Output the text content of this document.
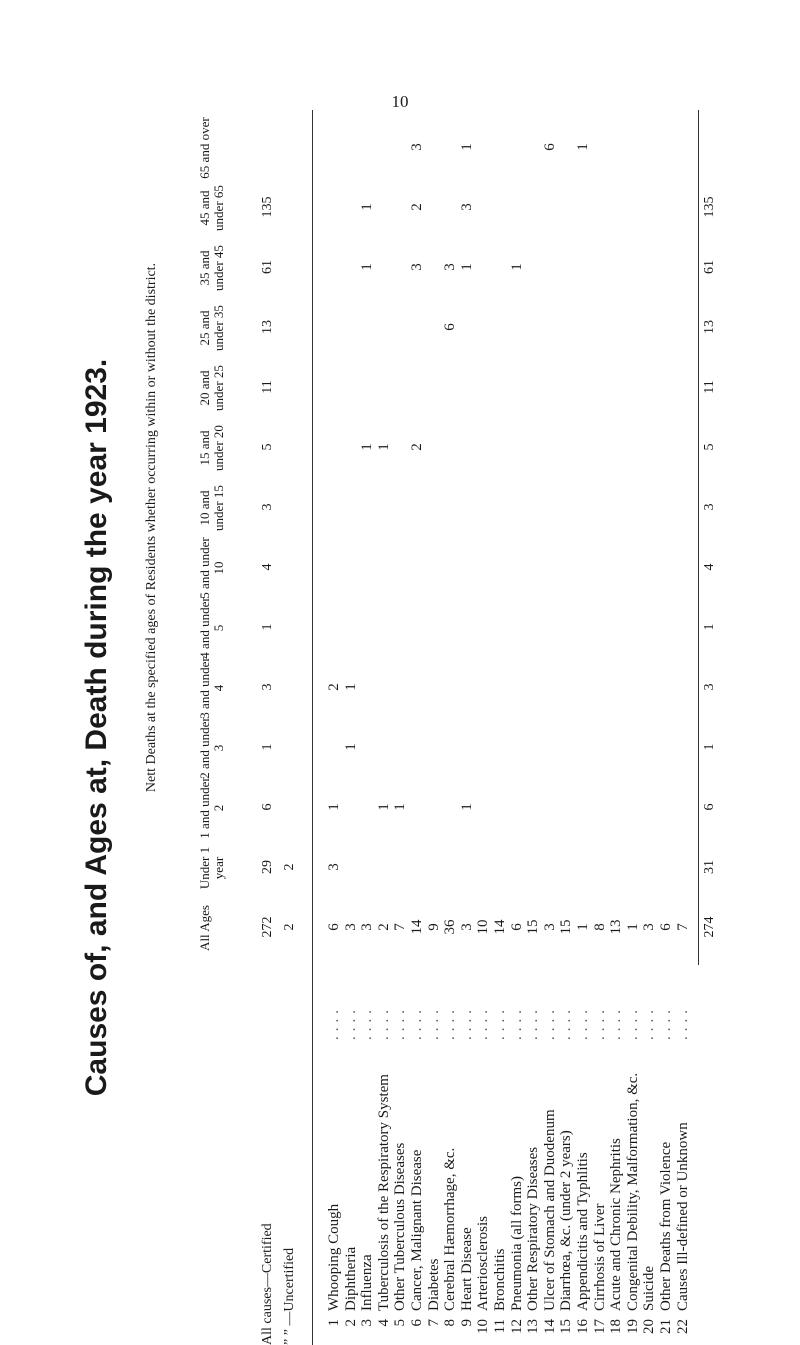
10
Causes of, and Ages at, Death during the year 1923. Nett Deaths at the specified ages of Residents whether occurring within or without the district.
All Ages
Under 1 year
1 and under 2
2 and under 3
3 and under 4
4 and under 5
5 and under 10
10 and under 15
15 and under 20
20 and under 25
25 and under 35
35 and under 45
45 and under 65
65 and over
All causes—Certified
272
29
6
1
3
1
4
3
5
11
13
61
135
” ” —Uncertified
2
2
1
Whooping Cough
....
6
3
1
2
2
Diphtheria
....
3
1
1
3
Influenza
....
3
1
1
1
4
Tuberculosis of the Respiratory System
....
2
1
1
5
Other Tuberculous Diseases
....
7
1
6
Cancer, Malignant Disease
....
14
2
3
2
3
7
Diabetes
....
9
8
Cerebral Hæmorrhage, &c.
....
36
6
3
9
Heart Disease
....
3
1
1
3
1
10
Arteriosclerosis
....
10
11
Bronchitis
....
14
12
Pneumonia (all forms)
....
6
1
13
Other Respiratory Diseases
....
15
14
Ulcer of Stomach and Duodenum
....
3
6
15
Diarrhœa, &c. (under 2 years)
....
15
16
Appendicitis and Typhlitis
....
1
1
17
Cirrhosis of Liver
....
8
18
Acute and Chronic Nephritis
....
13
19
Congenital Debility, Malformation, &c.
....
1
20
Suicide
....
3
21
Other Deaths from Violence
....
6
22
Causes Ill-defined or Unknown
....
7 274
31
6
1
3
1
4
3
5
11
13
61
135
